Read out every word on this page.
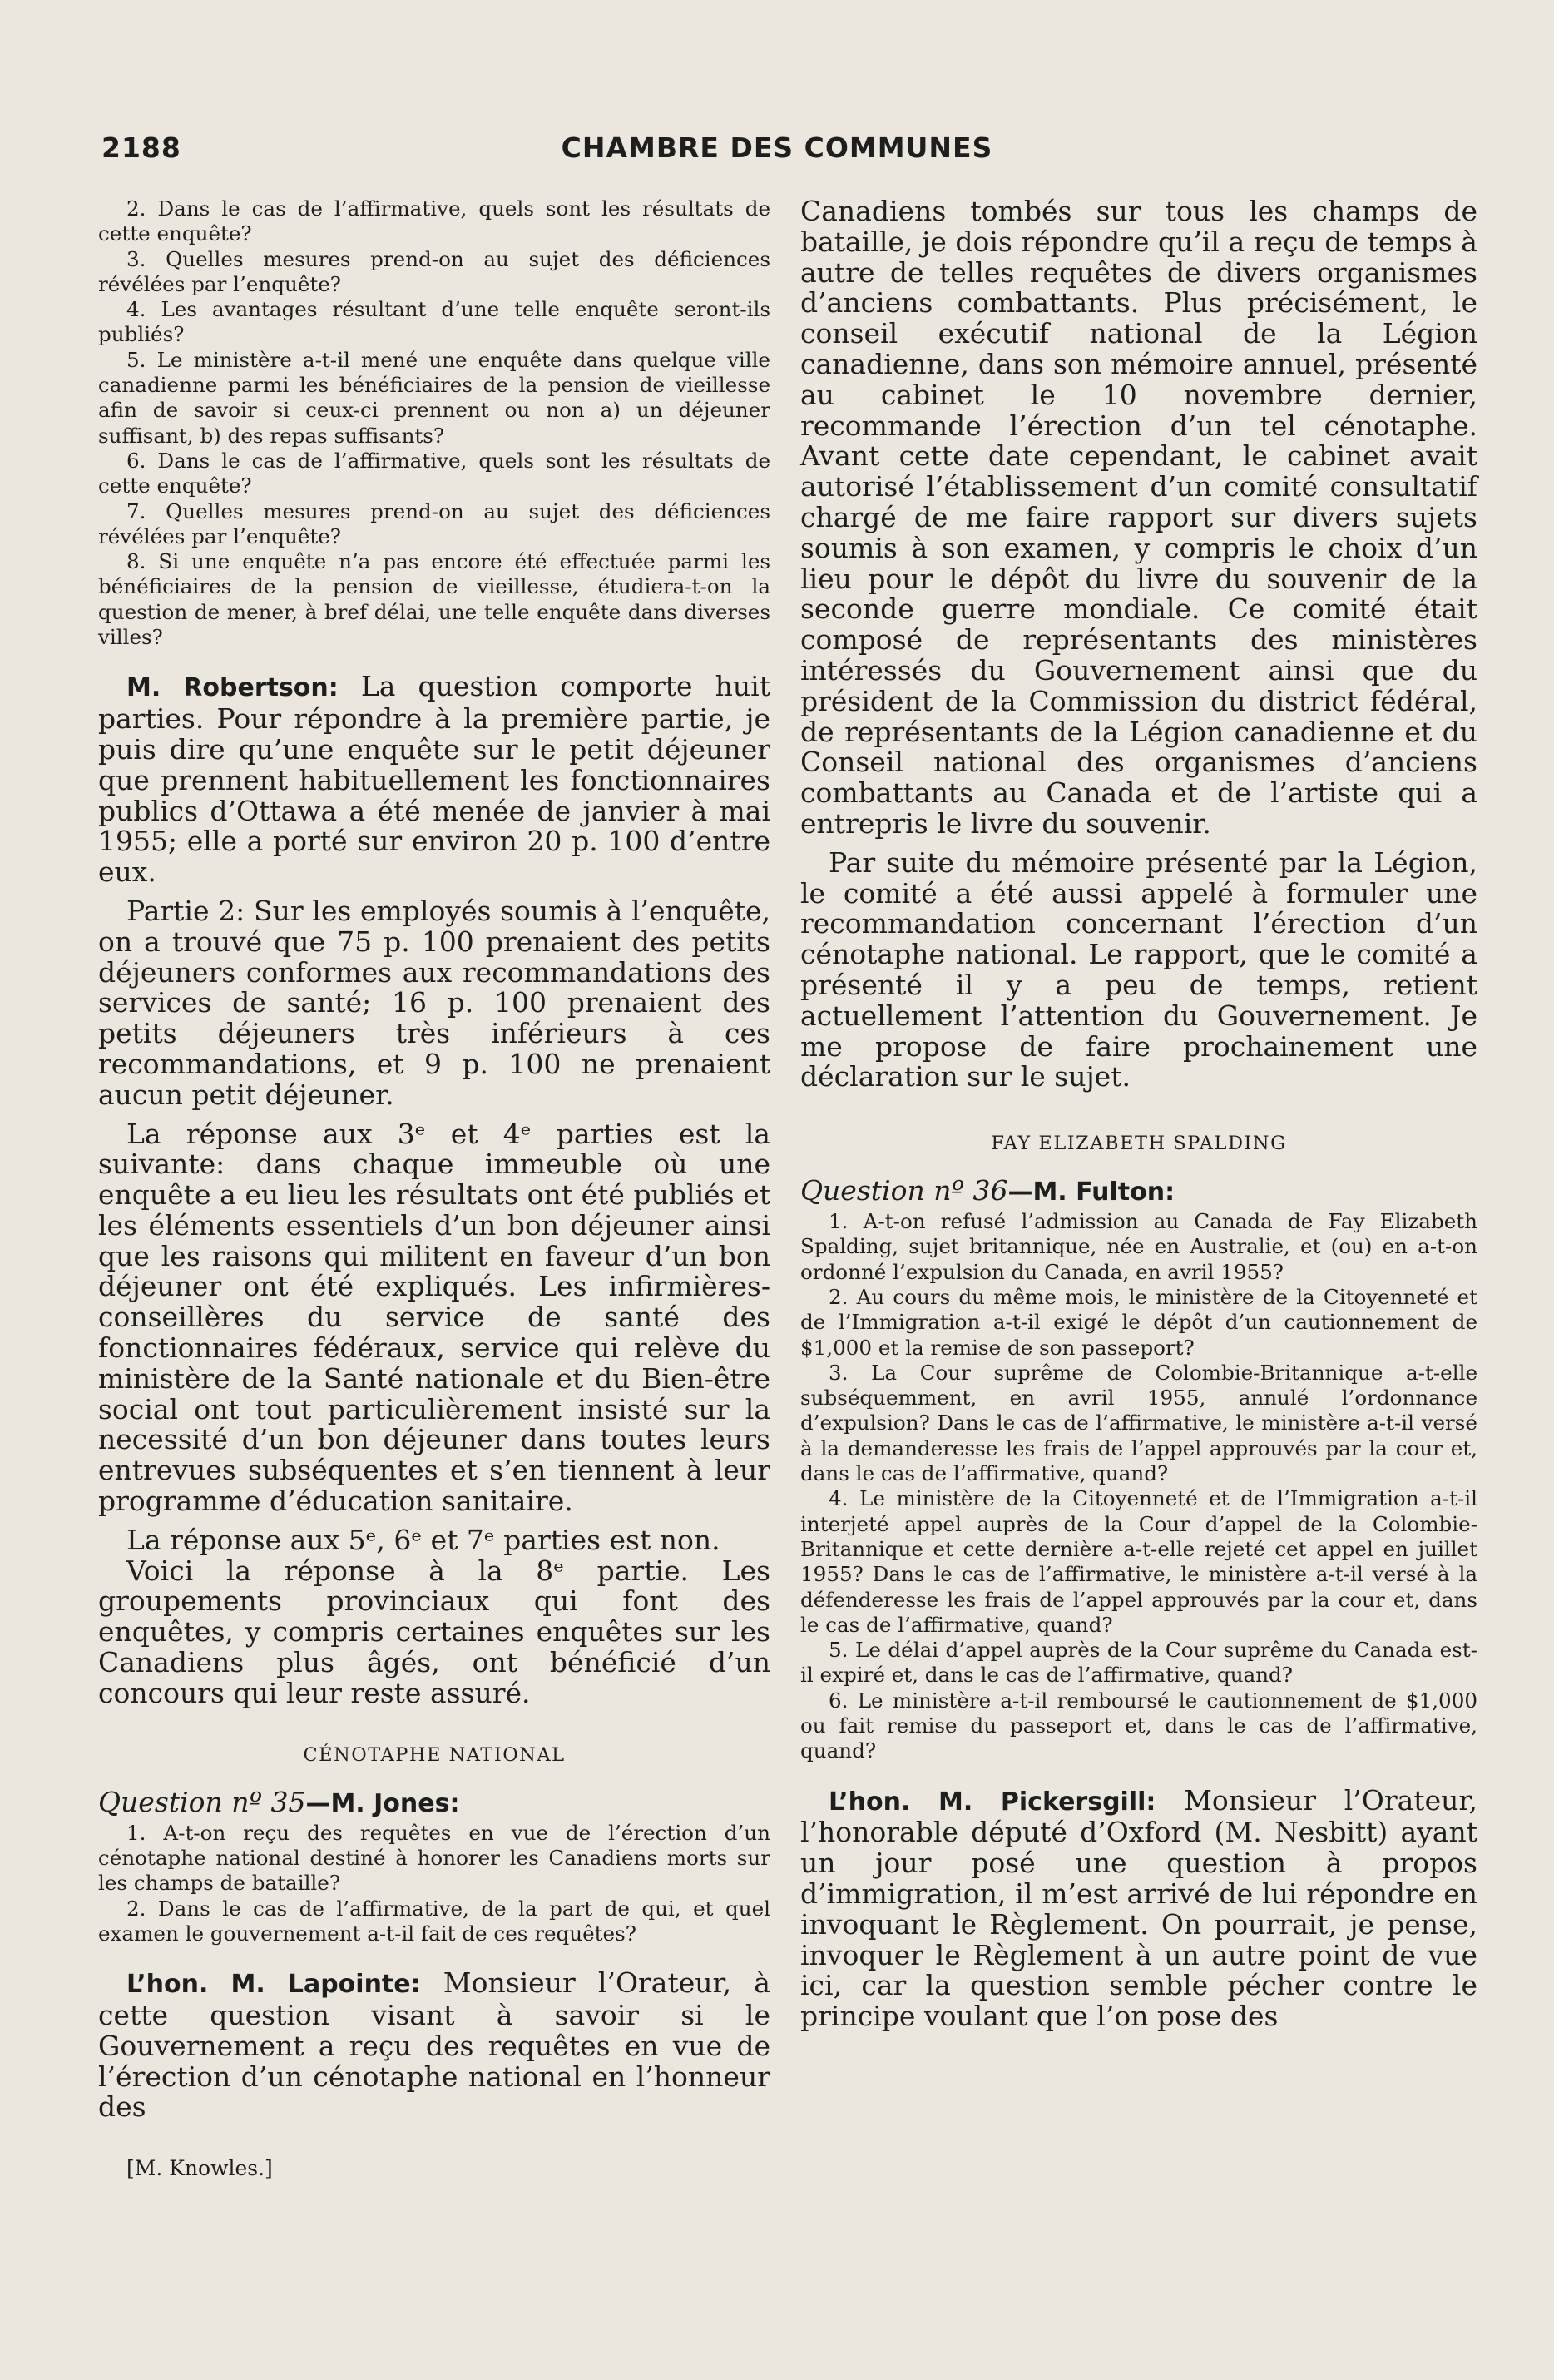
2188	CHAMBRE DES COMMUNES

2. Dans le cas de l’affirmative, quels sont les résultats de cette enquête?

3. Quelles mesures prend-on au sujet des déficiences révélées par l’enquête?

4. Les avantages résultant d’une telle enquête seront-ils publiés?

5. Le ministère a-t-il mené une enquête dans quelque ville canadienne parmi les bénéficiaires de la pension de vieillesse afin de savoir si ceux-ci prennent ou non a) un déjeuner suffisant, b) des repas suffisants?

6. Dans le cas de l’affirmative, quels sont les résultats de cette enquête?

7. Quelles mesures prend-on au sujet des déficiences révélées par l’enquête?

8. Si une enquête n’a pas encore été effectuée parmi les bénéficiaires de la pension de vieillesse, étudiera-t-on la question de mener, à bref délai, une telle enquête dans diverses villes?

M. Robertson: La question comporte huit parties. Pour répondre à la première partie, je puis dire qu’une enquête sur le petit déjeuner que prennent habituellement les fonctionnaires publics d’Ottawa a été menée de janvier à mai 1955; elle a porté sur environ 20 p. 100 d’entre eux.

Partie 2: Sur les employés soumis à l’enquête, on a trouvé que 75 p. 100 prenaient des petits déjeuners conformes aux recommandations des services de santé; 16 p. 100 prenaient des petits déjeuners très inférieurs à ces recommandations, et 9 p. 100 ne prenaient aucun petit déjeuner.

La réponse aux 3ᵉ et 4ᵉ parties est la suivante: dans chaque immeuble où une enquête a eu lieu les résultats ont été publiés et les éléments essentiels d’un bon déjeuner ainsi que les raisons qui militent en faveur d’un bon déjeuner ont été expliqués. Les infirmières-conseillères du service de santé des fonctionnaires fédéraux, service qui relève du ministère de la Santé nationale et du Bien-être social ont tout particulièrement insisté sur la necessité d’un bon déjeuner dans toutes leurs entrevues subséquentes et s’en tiennent à leur programme d’éducation sanitaire.

La réponse aux 5ᵉ, 6ᵉ et 7ᵉ parties est non.

Voici la réponse à la 8ᵉ partie. Les groupements provinciaux qui font des enquêtes, y compris certaines enquêtes sur les Canadiens plus âgés, ont bénéficié d’un concours qui leur reste assuré.

CÉNOTAPHE NATIONAL

Question nº 35—M. Jones:

1. A-t-on reçu des requêtes en vue de l’érection d’un cénotaphe national destiné à honorer les Canadiens morts sur les champs de bataille?

2. Dans le cas de l’affirmative, de la part de qui, et quel examen le gouvernement a-t-il fait de ces requêtes?

L’hon. M. Lapointe: Monsieur l’Orateur, à cette question visant à savoir si le Gouvernement a reçu des requêtes en vue de l’érection d’un cénotaphe national en l’honneur des

[M. Knowles.]

Canadiens tombés sur tous les champs de bataille, je dois répondre qu’il a reçu de temps à autre de telles requêtes de divers organismes d’anciens combattants. Plus précisément, le conseil exécutif national de la Légion canadienne, dans son mémoire annuel, présenté au cabinet le 10 novembre dernier, recommande l’érection d’un tel cénotaphe. Avant cette date cependant, le cabinet avait autorisé l’établissement d’un comité consultatif chargé de me faire rapport sur divers sujets soumis à son examen, y compris le choix d’un lieu pour le dépôt du livre du souvenir de la seconde guerre mondiale. Ce comité était composé de représentants des ministères intéressés du Gouvernement ainsi que du président de la Commission du district fédéral, de représentants de la Légion canadienne et du Conseil national des organismes d’anciens combattants au Canada et de l’artiste qui a entrepris le livre du souvenir.

Par suite du mémoire présenté par la Légion, le comité a été aussi appelé à formuler une recommandation concernant l’érection d’un cénotaphe national. Le rapport, que le comité a présenté il y a peu de temps, retient actuellement l’attention du Gouvernement. Je me propose de faire prochainement une déclaration sur le sujet.

FAY ELIZABETH SPALDING

Question nº 36—M. Fulton:

1. A-t-on refusé l’admission au Canada de Fay Elizabeth Spalding, sujet britannique, née en Australie, et (ou) en a-t-on ordonné l’expulsion du Canada, en avril 1955?

2. Au cours du même mois, le ministère de la Citoyenneté et de l’Immigration a-t-il exigé le dépôt d’un cautionnement de $1,000 et la remise de son passeport?

3. La Cour suprême de Colombie-Britannique a-t-elle subséquemment, en avril 1955, annulé l’ordonnance d’expulsion? Dans le cas de l’affirmative, le ministère a-t-il versé à la demanderesse les frais de l’appel approuvés par la cour et, dans le cas de l’affirmative, quand?

4. Le ministère de la Citoyenneté et de l’Immigration a-t-il interjeté appel auprès de la Cour d’appel de la Colombie-Britannique et cette dernière a-t-elle rejeté cet appel en juillet 1955? Dans le cas de l’affirmative, le ministère a-t-il versé à la défenderesse les frais de l’appel approuvés par la cour et, dans le cas de l’affirmative, quand?

5. Le délai d’appel auprès de la Cour suprême du Canada est-il expiré et, dans le cas de l’affirmative, quand?

6. Le ministère a-t-il remboursé le cautionnement de $1,000 ou fait remise du passeport et, dans le cas de l’affirmative, quand?

L’hon. M. Pickersgill: Monsieur l’Orateur, l’honorable député d’Oxford (M. Nesbitt) ayant un jour posé une question à propos d’immigration, il m’est arrivé de lui répondre en invoquant le Règlement. On pourrait, je pense, invoquer le Règlement à un autre point de vue ici, car la question semble pécher contre le principe voulant que l’on pose des
